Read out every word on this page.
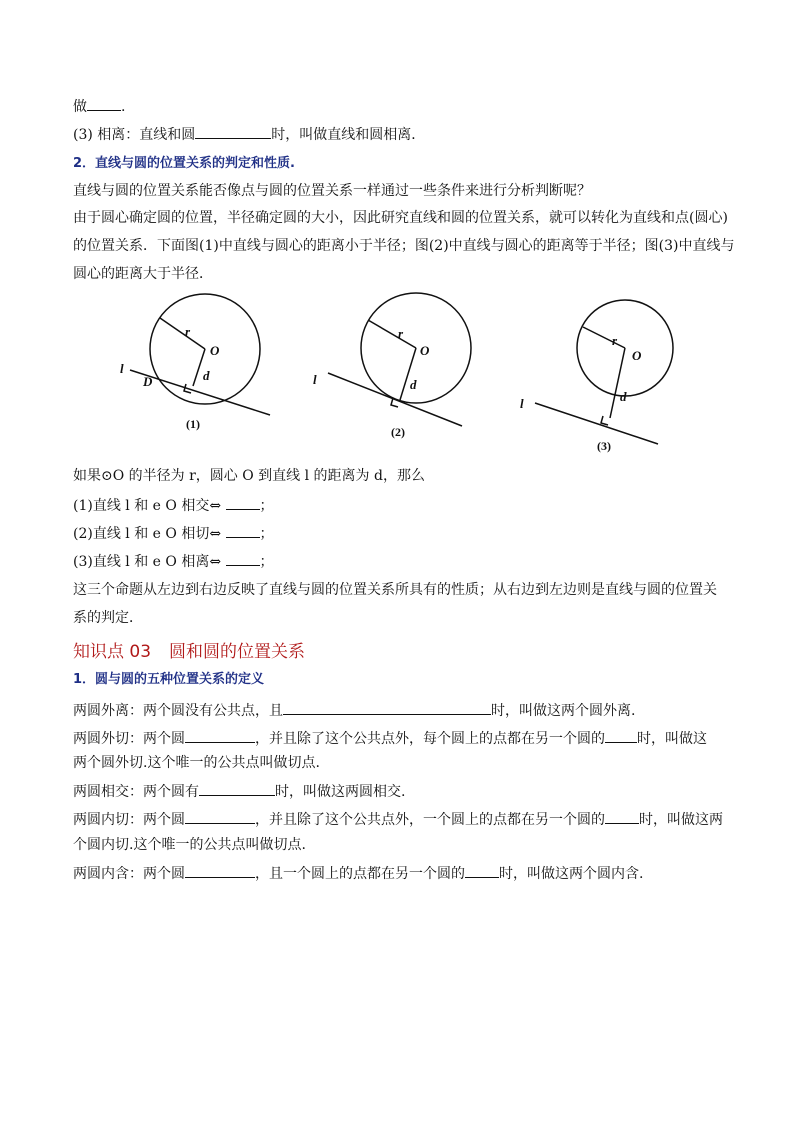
做 .
(3) 相离：直线和圆	时，叫做直线和圆相离．
2．直线与圆的位置关系的判定和性质.
直线与圆的位置关系能否像点与圆的位置关系一样通过一些条件来进行分析判断呢？
由于圆心确定圆的位置，半径确定圆的大小，因此研究直线和圆的位置关系，就可以转化为直线和点(圆心)
的位置关系．下面图(1)中直线与圆心的距离小于半径；图(2)中直线与圆心的距离等于半径；图(3)中直线与
圆心的距离大于半径．
r
O
d
l
D
r
O
d
l
r
O
d
l
(1)
(2)
(3)
如果⊙O 的半径为 r，圆心 O 到直线 l 的距离为 d，那么
(1)直线 l 和 e O 相交⇔	；
(2)直线 l 和 e O 相切⇔	；
(3)直线 l 和 e O 相离⇔	；
这三个命题从左边到右边反映了直线与圆的位置关系所具有的性质；从右边到左边则是直线与圆的位置关
系的判定．
知识点 03 圆和圆的位置关系
1．圆与圆的五种位置关系的定义
两圆外离：两个圆没有公共点，且	时，叫做这两个圆外离.
两圆外切：两个圆	，并且除了这个公共点外，每个圆上的点都在另一个圆的 时，叫做这
两个圆外切.这个唯一的公共点叫做切点.
两圆相交：两个圆有	时，叫做这两圆相交.
两圆内切：两个圆	，并且除了这个公共点外，一个圆上的点都在另一个圆的 时，叫做这两
个圆内切.这个唯一的公共点叫做切点.
两圆内含：两个圆	，且一个圆上的点都在另一个圆的 时，叫做这两个圆内含.
